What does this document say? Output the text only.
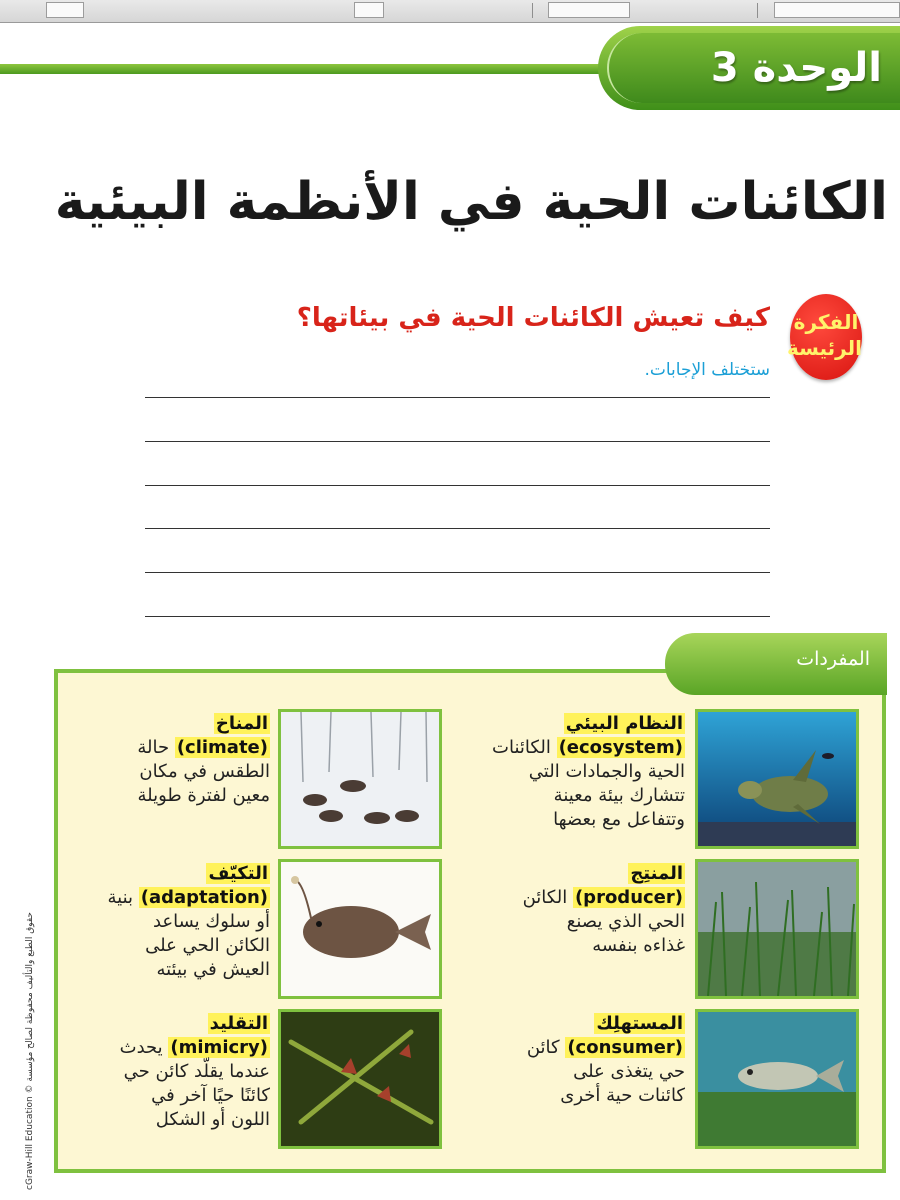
الوحدة 3
الكائنات الحية في الأنظمة البيئية
الفكرة
الرئيسة
كيف تعيش الكائنات الحية في بيئاتها؟
ستختلف الإجابات.
المفردات
النظام البيئي
(ecosystem) الكائنات
الحية والجمادات التي
تتشارك بيئة معينة
وتتفاعل مع بعضها
المنتِج
(producer) الكائن
الحي الذي يصنع
غذاءه بنفسه
المستهلِك
(consumer) كائن
حي يتغذى على
كائنات حية أخرى
المناخ
(climate) حالة
الطقس في مكان
معين لفترة طويلة
التكيّف
(adaptation) بنية
أو سلوك يساعد
الكائن الحي على
العيش في بيئته
التقليد
(mimicry) يحدث
عندما يقلّد كائن حي
كائنًا حيًا آخر في
اللون أو الشكل
cGraw-Hill Education © حقوق الطبع والتأليف محفوظة لصالح مؤسسة
